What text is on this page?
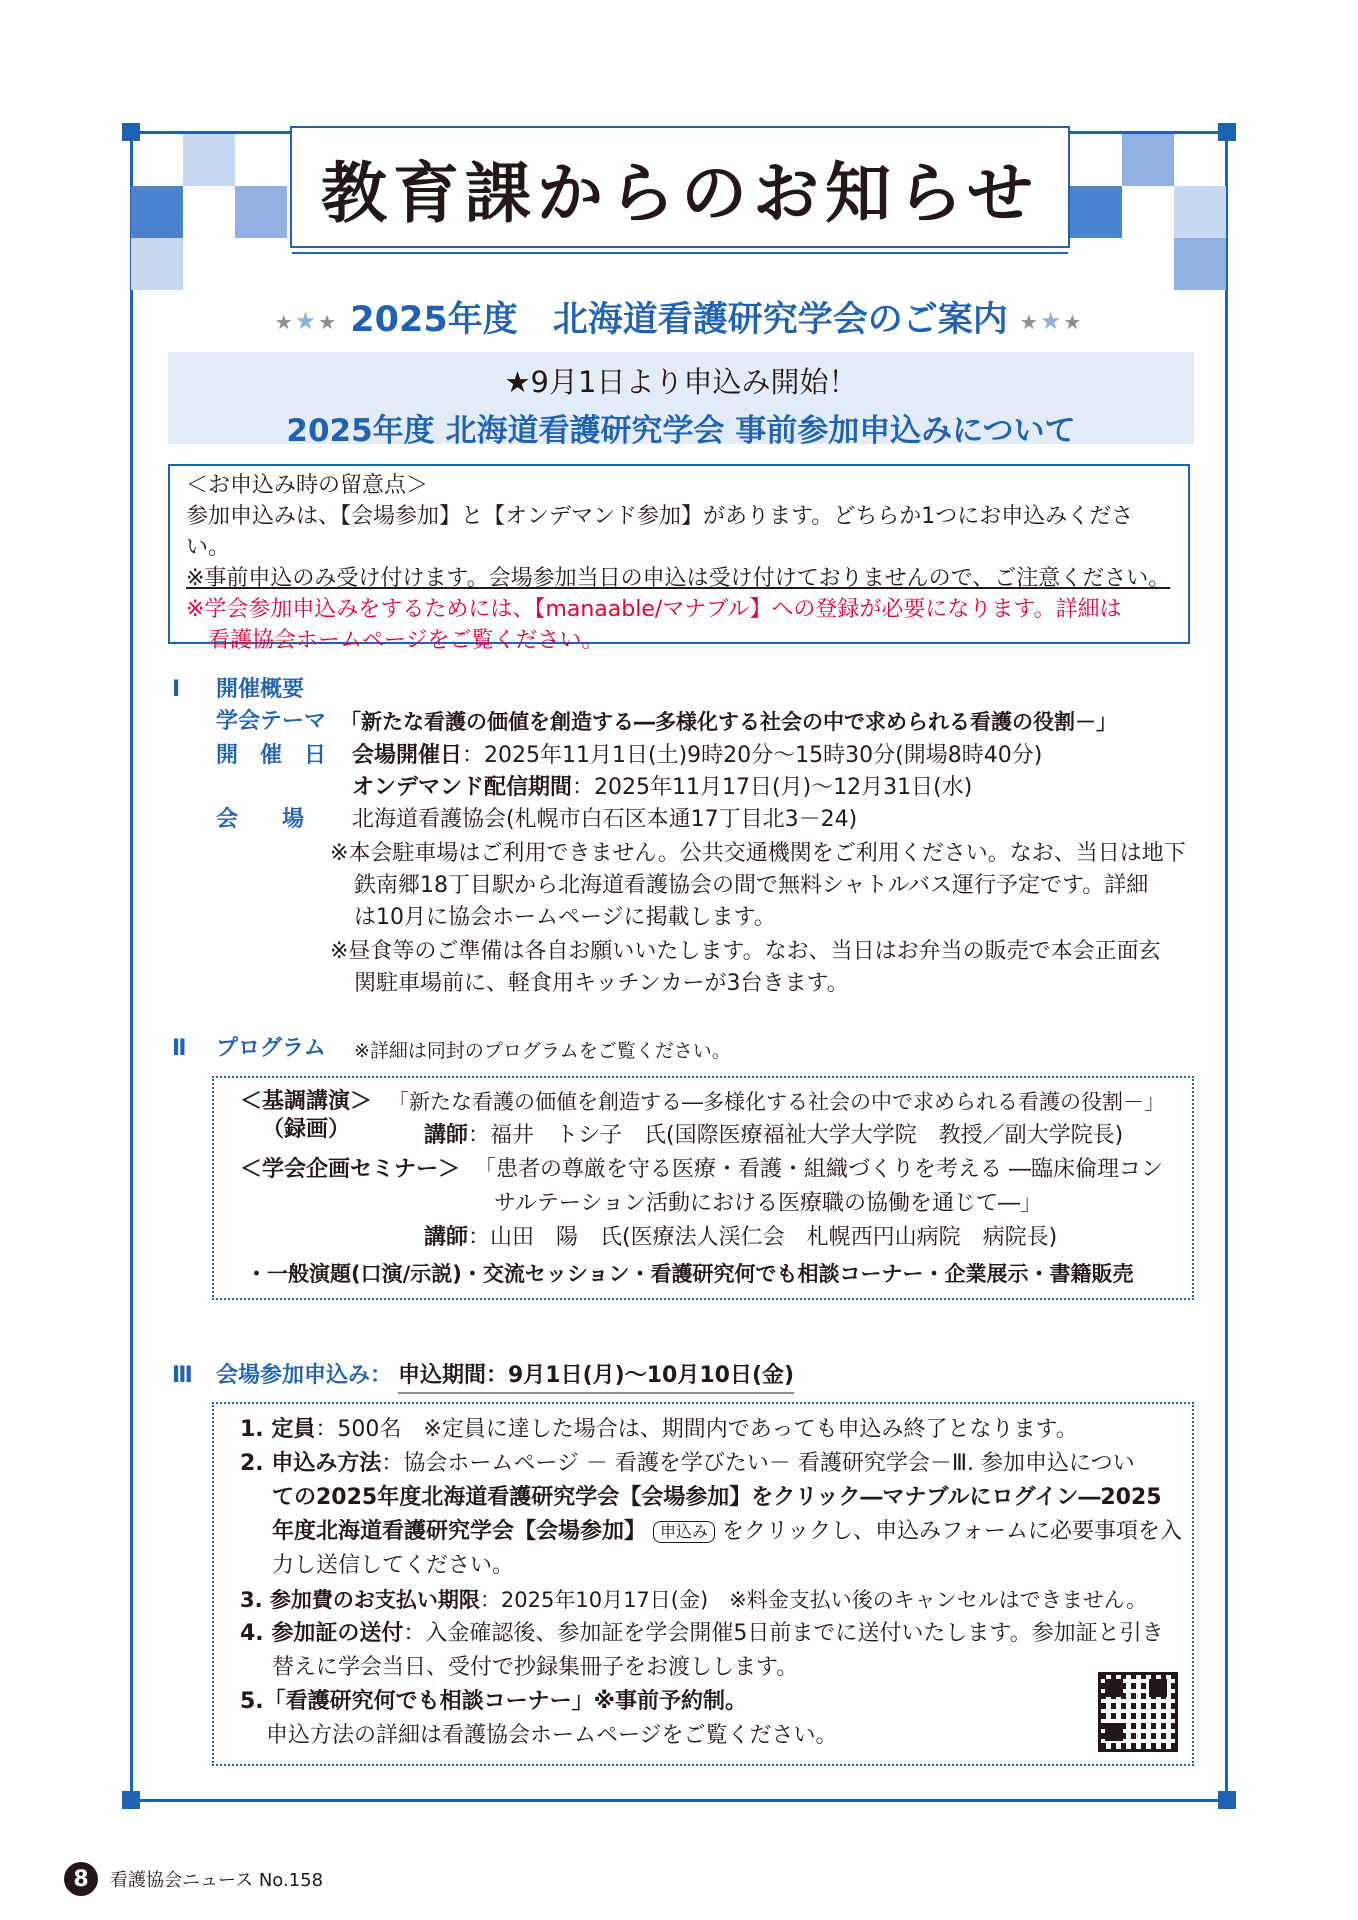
教育課からのお知らせ
★★★ 2025年度　北海道看護研究学会のご案内 ★★★
★9月1日より申込み開始！
2025年度 北海道看護研究学会 事前参加申込みについて
＜お申込み時の留意点＞
参加申込みは、【会場参加】と【オンデマンド参加】があります。どちらか1つにお申込みください。
※事前申込のみ受け付けます。会場参加当日の申込は受け付けておりませんので、ご注意ください。
※学会参加申込みをするためには、【manaable/マナブル】への登録が必要になります。詳細は
看護協会ホームページをご覧ください。
Ⅰ 開催概要
学会テーマ 「新たな看護の価値を創造する―多様化する社会の中で求められる看護の役割－」
開　催　日 会場開催日：2025年11月1日(土)9時20分～15時30分(開場8時40分)
オンデマンド配信期間：2025年11月17日(月)～12月31日(水)
会　　場 北海道看護協会(札幌市白石区本通17丁目北3－24)
※本会駐車場はご利用できません。公共交通機関をご利用ください。なお、当日は地下
鉄南郷18丁目駅から北海道看護協会の間で無料シャトルバス運行予定です。詳細
は10月に協会ホームページに掲載します。
※昼食等のご準備は各自お願いいたします。なお、当日はお弁当の販売で本会正面玄
関駐車場前に、軽食用キッチンカーが3台きます。
Ⅱ プログラム ※詳細は同封のプログラムをご覧ください。
＜基調講演＞
（録画）
「新たな看護の価値を創造する―多様化する社会の中で求められる看護の役割－」
講師：福井　トシ子　氏(国際医療福祉大学大学院　教授／副大学院長)
＜学会企画セミナー＞ 「患者の尊厳を守る医療・看護・組織づくりを考える ―臨床倫理コン
サルテーション活動における医療職の協働を通じて―」
講師：山田　陽　氏(医療法人渓仁会　札幌西円山病院　病院長)
・一般演題(口演/示説)・交流セッション・看護研究何でも相談コーナー・企業展示・書籍販売
Ⅲ 会場参加申込み： 申込期間：9月1日(月)～10月10日(金)
1. 定員：500名　※定員に達した場合は、期間内であっても申込み終了となります。
2. 申込み方法：協会ホームページ － 看護を学びたい－ 看護研究学会－Ⅲ. 参加申込につい
ての2025年度北海道看護研究学会【会場参加】をクリック―マナブルにログイン―2025
年度北海道看護研究学会【会場参加】 申込み をクリックし、申込みフォームに必要事項を入
力し送信してください。
3. 参加費のお支払い期限：2025年10月17日(金)　※料金支払い後のキャンセルはできません。
4. 参加証の送付：入金確認後、参加証を学会開催5日前までに送付いたします。参加証と引き
替えに学会当日、受付で抄録集冊子をお渡しします。
5.「看護研究何でも相談コーナー」※事前予約制。
申込方法の詳細は看護協会ホームページをご覧ください。
8	看護協会ニュース No.158
